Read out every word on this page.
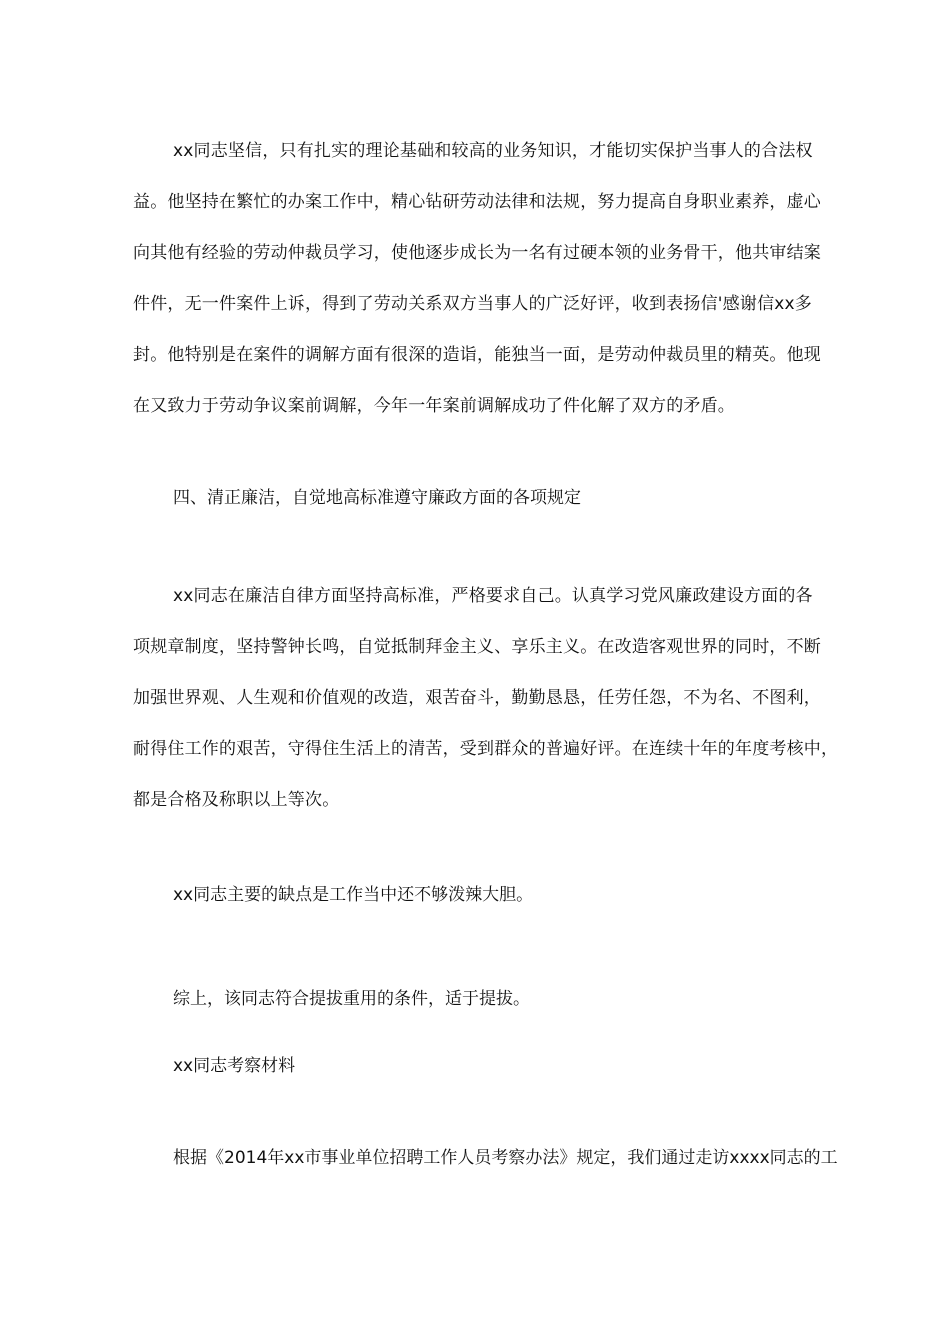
xx同志坚信，只有扎实的理论基础和较高的业务知识，才能切实保护当事人的合法权
益。他坚持在繁忙的办案工作中，精心钻研劳动法律和法规，努力提高自身职业素养，虚心
向其他有经验的劳动仲裁员学习，使他逐步成长为一名有过硬本领的业务骨干，他共审结案
件件，无一件案件上诉，得到了劳动关系双方当事人的广泛好评，收到表扬信'感谢信xx多
封。他特别是在案件的调解方面有很深的造诣，能独当一面，是劳动仲裁员里的精英。他现
在又致力于劳动争议案前调解，今年一年案前调解成功了件化解了双方的矛盾。

四、清正廉洁，自觉地高标准遵守廉政方面的各项规定

xx同志在廉洁自律方面坚持高标准，严格要求自己。认真学习党风廉政建设方面的各
项规章制度，坚持警钟长鸣，自觉抵制拜金主义、享乐主义。在改造客观世界的同时，不断
加强世界观、人生观和价值观的改造，艰苦奋斗，勤勤恳恳，任劳任怨，不为名、不图利，
耐得住工作的艰苦，守得住生活上的清苦，受到群众的普遍好评。在连续十年的年度考核中，
都是合格及称职以上等次。

xx同志主要的缺点是工作当中还不够泼辣大胆。

综上，该同志符合提拔重用的条件，适于提拔。

xx同志考察材料

根据《2014年xx市事业单位招聘工作人员考察办法》规定，我们通过走访xxxx同志的工
